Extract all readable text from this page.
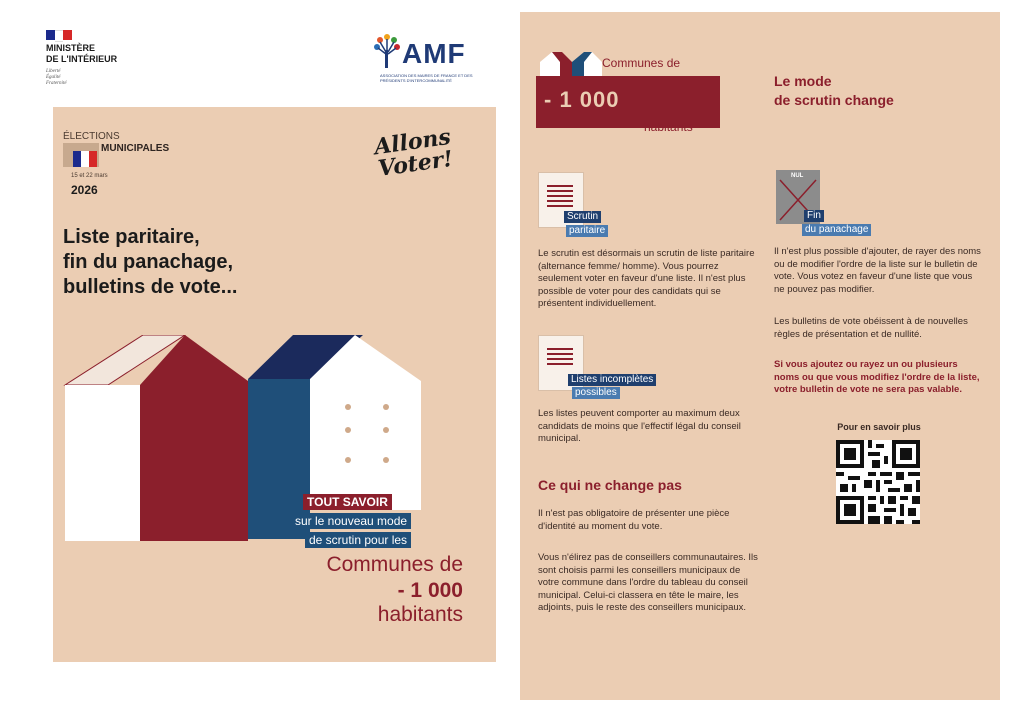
MINISTÈRE
DE L'INTÉRIEUR
Liberté
Égalité
Fraternité
AMF
ASSOCIATION DES MAIRES DE FRANCE ET DES PRÉSIDENTS D'INTERCOMMUNALITÉ
ÉLECTIONS
MUNICIPALES
15 et 22 mars
2026
Allons
Voter!
Liste paritaire,
fin du panachage,
bulletins de vote...
TOUT SAVOIR
sur le nouveau mode
de scrutin pour les
Communes de
- 1 000
habitants
Communes de
- 1 000
habitants
Le mode
de scrutin change
Scrutin
paritaire
Le scrutin est désormais un scrutin de liste paritaire (alternance femme/ homme). Vous pourrez seulement voter en faveur d'une liste. Il n'est plus possible de voter pour des candidats qui se présentent individuellement.
Listes incomplètes
possibles
Les listes peuvent comporter au maximum deux candidats de moins que l'effectif légal du conseil municipal.
Ce qui ne change pas
Il n'est pas obligatoire de présenter une pièce d'identité au moment du vote.
Vous n'élirez pas de conseillers communautaires. Ils sont choisis parmi les conseillers municipaux de votre commune dans l'ordre du tableau du conseil municipal. Celui-ci classera en tête le maire, les adjoints, puis le reste des conseillers municipaux.
NUL
Fin
du panachage
Il n'est plus possible d'ajouter, de rayer des noms ou de modifier l'ordre de la liste sur le bulletin de vote. Vous votez en faveur d'une liste que vous ne pouvez pas modifier.
Les bulletins de vote obéissent à de nouvelles règles de présentation et de nullité.
Si vous ajoutez ou rayez un ou plusieurs noms ou que vous modifiez l'ordre de la liste, votre bulletin de vote ne sera pas valable.
Pour en savoir plus
